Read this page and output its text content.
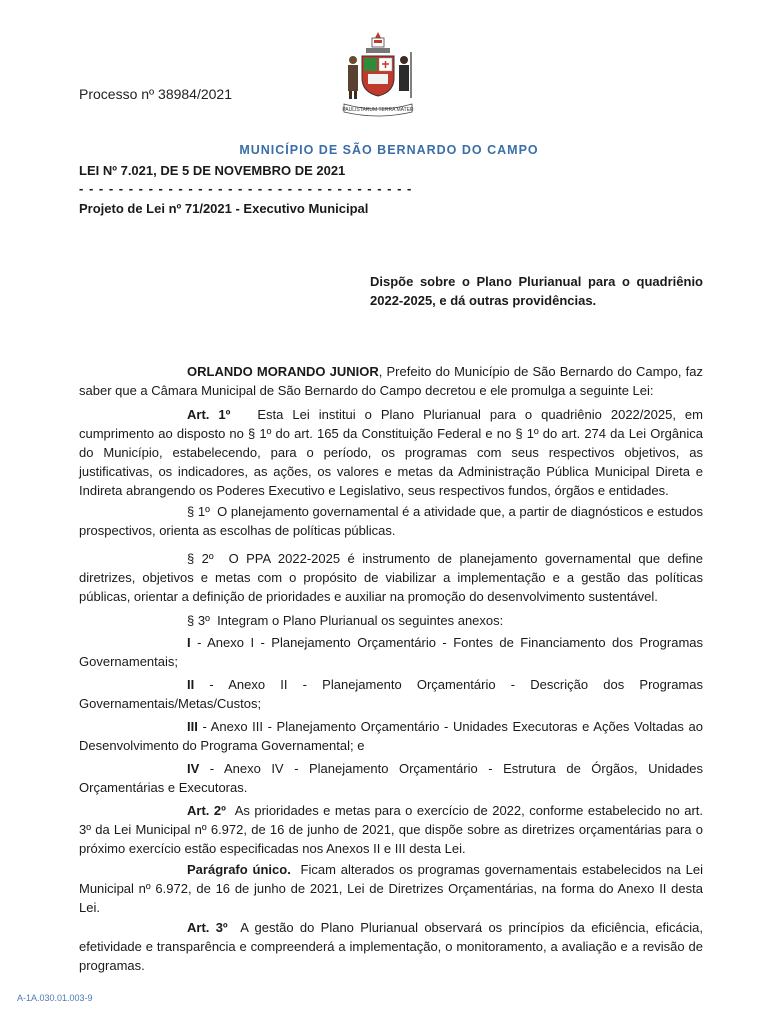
Processo nº 38984/2021
PAULISTARUM TERRA MATER
MUNICÍPIO DE SÃO BERNARDO DO CAMPO
LEI Nº 7.021, DE 5 DE NOVEMBRO DE 2021
- - - - - - - - - - - - - - - - - - - - - - - - - - - - - - - - - -
Projeto de Lei nº 71/2021 - Executivo Municipal
Dispõe sobre o Plano Plurianual para o quadriênio 2022-2025, e dá outras providências.
ORLANDO MORANDO JUNIOR, Prefeito do Município de São Bernardo do Campo, faz saber que a Câmara Municipal de São Bernardo do Campo decretou e ele promulga a seguinte Lei:
Art. 1º Esta Lei institui o Plano Plurianual para o quadriênio 2022/2025, em cumprimento ao disposto no § 1º do art. 165 da Constituição Federal e no § 1º do art. 274 da Lei Orgânica do Município, estabelecendo, para o período, os programas com seus respectivos objetivos, as justificativas, os indicadores, as ações, os valores e metas da Administração Pública Municipal Direta e Indireta abrangendo os Poderes Executivo e Legislativo, seus respectivos fundos, órgãos e entidades.
§ 1º O planejamento governamental é a atividade que, a partir de diagnósticos e estudos prospectivos, orienta as escolhas de políticas públicas.
§ 2º O PPA 2022-2025 é instrumento de planejamento governamental que define diretrizes, objetivos e metas com o propósito de viabilizar a implementação e a gestão das políticas públicas, orientar a definição de prioridades e auxiliar na promoção do desenvolvimento sustentável.
§ 3º Integram o Plano Plurianual os seguintes anexos:
I - Anexo I - Planejamento Orçamentário - Fontes de Financiamento dos Programas Governamentais;
II - Anexo II - Planejamento Orçamentário - Descrição dos Programas Governamentais/Metas/Custos;
III - Anexo III - Planejamento Orçamentário - Unidades Executoras e Ações Voltadas ao Desenvolvimento do Programa Governamental; e
IV - Anexo IV - Planejamento Orçamentário - Estrutura de Órgãos, Unidades Orçamentárias e Executoras.
Art. 2º As prioridades e metas para o exercício de 2022, conforme estabelecido no art. 3º da Lei Municipal nº 6.972, de 16 de junho de 2021, que dispõe sobre as diretrizes orçamentárias para o próximo exercício estão especificadas nos Anexos II e III desta Lei.
Parágrafo único. Ficam alterados os programas governamentais estabelecidos na Lei Municipal nº 6.972, de 16 de junho de 2021, Lei de Diretrizes Orçamentárias, na forma do Anexo II desta Lei.
Art. 3º A gestão do Plano Plurianual observará os princípios da eficiência, eficácia, efetividade e transparência e compreenderá a implementação, o monitoramento, a avaliação e a revisão de programas.
A-1A.030.01.003-9
